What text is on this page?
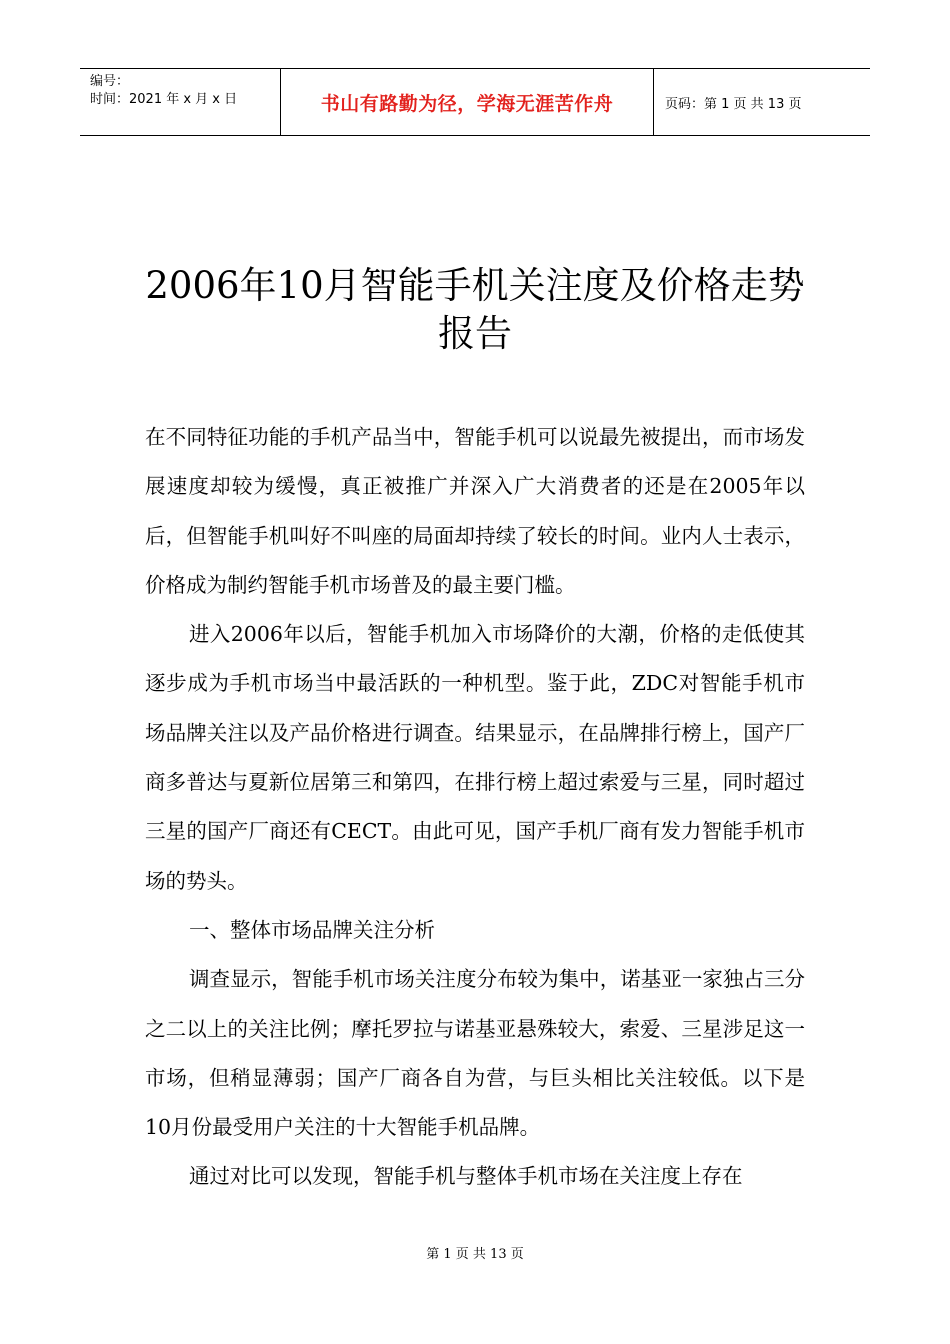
编号：
时间：2021 年 x 月 x 日	书山有路勤为径，学海无涯苦作舟	页码：第 1 页 共 13 页
2006年10月智能手机关注度及价格走势报告

在不同特征功能的手机产品当中，智能手机可以说最先被提出，而市场发展速度却较为缓慢，真正被推广并深入广大消费者的还是在2005年以后，但智能手机叫好不叫座的局面却持续了较长的时间。业内人士表示，价格成为制约智能手机市场普及的最主要门槛。

进入2006年以后，智能手机加入市场降价的大潮，价格的走低使其逐步成为手机市场当中最活跃的一种机型。鉴于此，ZDC对智能手机市场品牌关注以及产品价格进行调查。结果显示，在品牌排行榜上，国产厂商多普达与夏新位居第三和第四，在排行榜上超过索爱与三星，同时超过三星的国产厂商还有CECT。由此可见，国产手机厂商有发力智能手机市场的势头。

一、整体市场品牌关注分析

调查显示，智能手机市场关注度分布较为集中，诺基亚一家独占三分之二以上的关注比例；摩托罗拉与诺基亚悬殊较大，索爱、三星涉足这一市场，但稍显薄弱；国产厂商各自为营，与巨头相比关注较低。以下是10月份最受用户关注的十大智能手机品牌。

通过对比可以发现，智能手机与整体手机市场在关注度上存在

第 1 页 共 13 页
